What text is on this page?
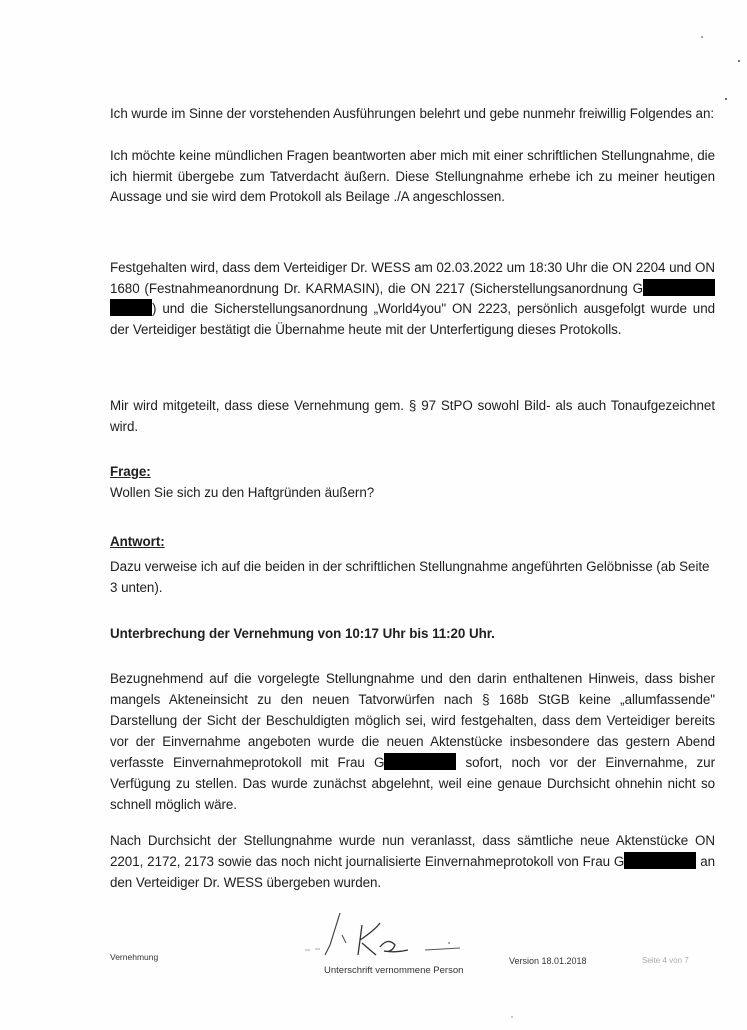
Ich wurde im Sinne der vorstehenden Ausführungen belehrt und gebe nunmehr freiwillig Folgendes an:
Ich möchte keine mündlichen Fragen beantworten aber mich mit einer schriftlichen Stellungnahme, die ich hiermit übergebe zum Tatverdacht äußern. Diese Stellungnahme erhebe ich zu meiner heutigen Aussage und sie wird dem Protokoll als Beilage ./A angeschlossen.
Festgehalten wird, dass dem Verteidiger Dr. WESS am 02.03.2022 um 18:30 Uhr die ON 2204 und ON 1680 (Festnahmeanordnung Dr. KARMASIN), die ON 2217 (Sicherstellungsanordnung G ) und die Sicherstellungsanordnung „World4you" ON 2223, persönlich ausgefolgt wurde und der Verteidiger bestätigt die Übernahme heute mit der Unterfertigung dieses Protokolls.
Mir wird mitgeteilt, dass diese Vernehmung gem. § 97 StPO sowohl Bild- als auch Tonaufgezeichnet wird.
Frage:
Wollen Sie sich zu den Haftgründen äußern?
Antwort:
Dazu verweise ich auf die beiden in der schriftlichen Stellungnahme angeführten Gelöbnisse (ab Seite 3 unten).
Unterbrechung der Vernehmung von 10:17 Uhr bis 11:20 Uhr.
Bezugnehmend auf die vorgelegte Stellungnahme und den darin enthaltenen Hinweis, dass bisher mangels Akteneinsicht zu den neuen Tatvorwürfen nach § 168b StGB keine „allumfassende" Darstellung der Sicht der Beschuldigten möglich sei, wird festgehalten, dass dem Verteidiger bereits vor der Einvernahme angeboten wurde die neuen Aktenstücke insbesondere das gestern Abend verfasste Einvernahmeprotokoll mit Frau G	sofort, noch vor der Einvernahme, zur Verfügung zu stellen. Das wurde zunächst abgelehnt, weil eine genaue Durchsicht ohnehin nicht so schnell möglich wäre.
Nach Durchsicht der Stellungnahme wurde nun veranlasst, dass sämtliche neue Aktenstücke ON 2201, 2172, 2173 sowie das noch nicht journalisierte Einvernahmeprotokoll von Frau G	an den Verteidiger Dr. WESS übergeben wurden.
Vernehmung
Unterschrift vernommene Person
Version 18.01.2018	Seite 4 von 7
